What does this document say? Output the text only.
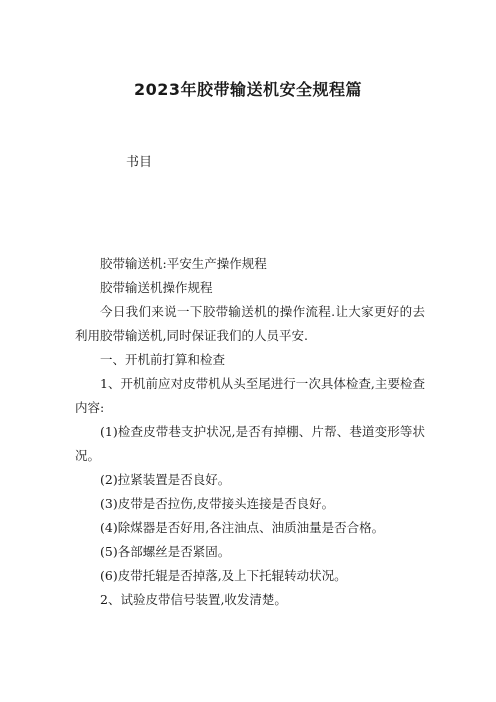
2023年胶带输送机安全规程篇
书目

胶带输送机:平安生产操作规程

胶带输送机操作规程

今日我们来说一下胶带输送机的操作流程.让大家更好的去利用胶带输送机,同时保证我们的人员平安.

一、开机前打算和检查

1、开机前应对皮带机从头至尾进行一次具体检查,主要检查内容:

(1)检查皮带巷支护状况,是否有掉棚、片帮、巷道变形等状况。

(2)拉紧装置是否良好。

(3)皮带是否拉伤,皮带接头连接是否良好。

(4)除煤器是否好用,各注油点、油质油量是否合格。

(5)各部螺丝是否紧固。

(6)皮带托辊是否掉落,及上下托辊转动状况。

2、试验皮带信号装置,收发清楚。
